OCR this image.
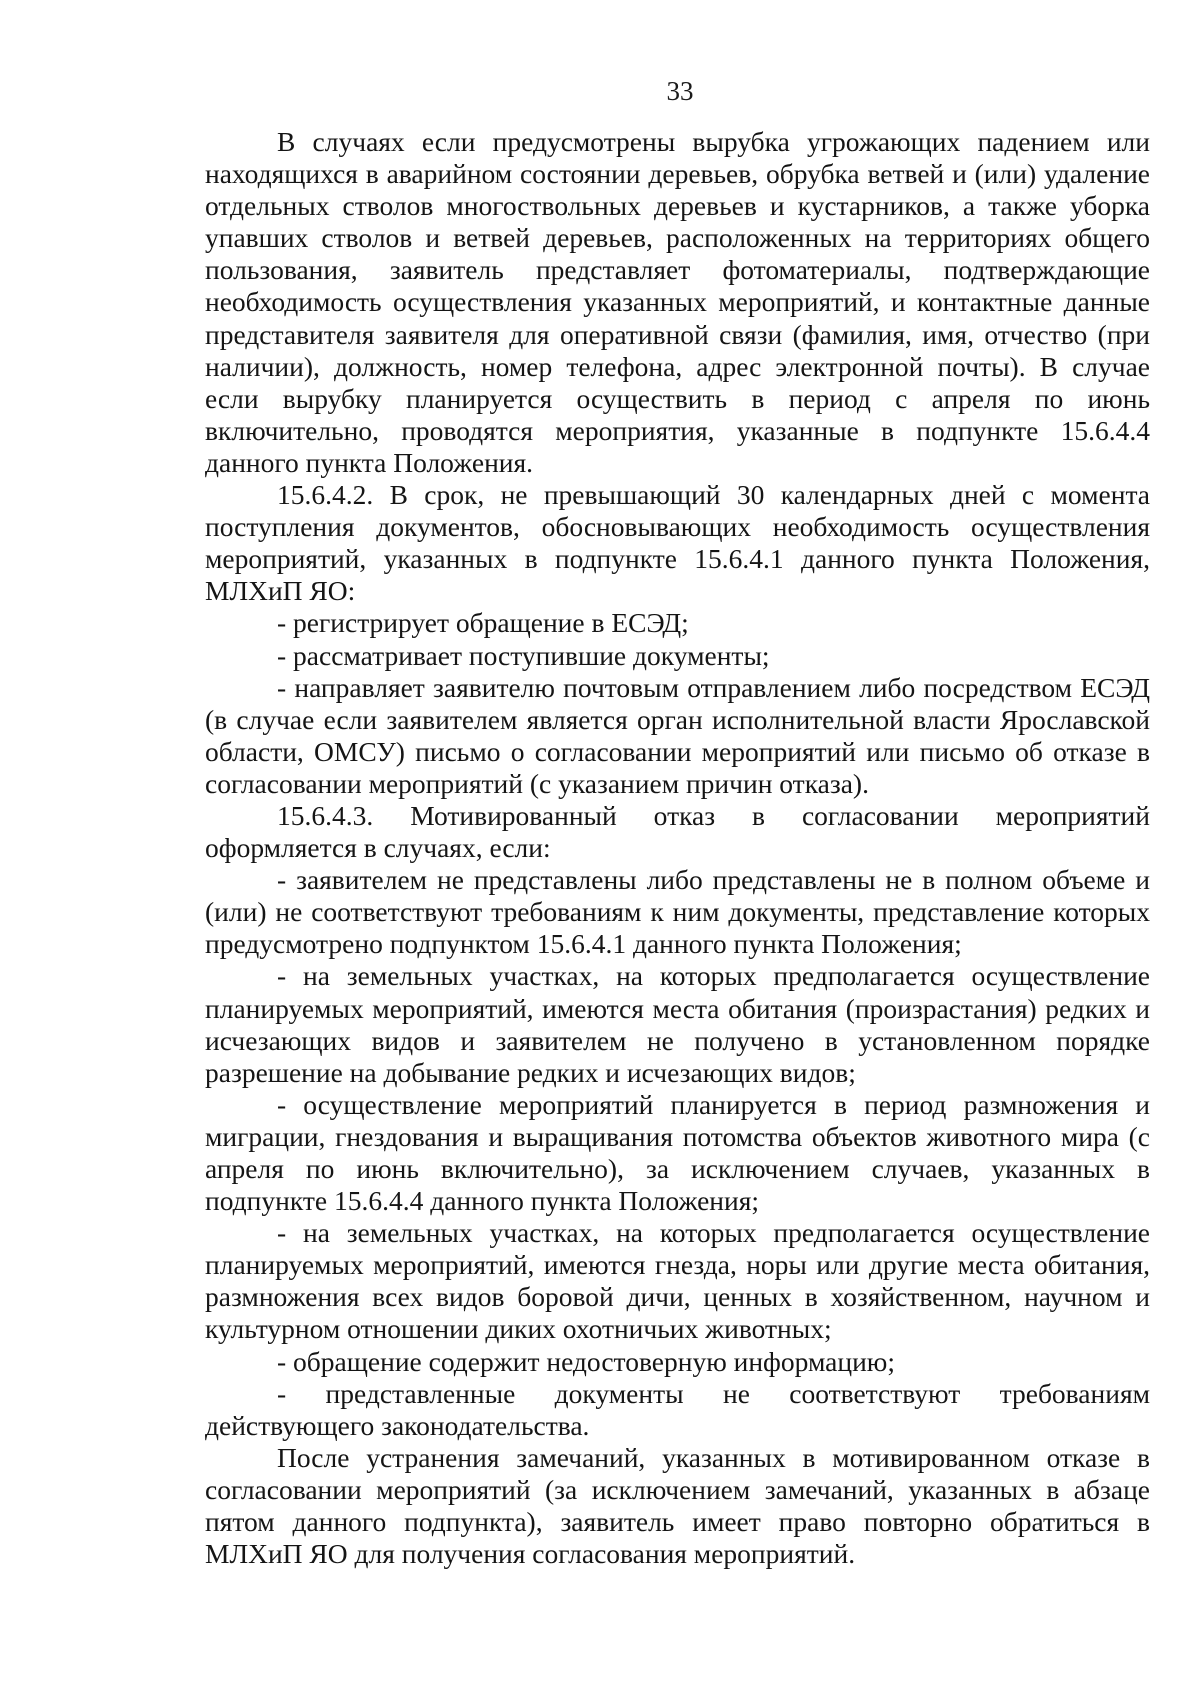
33

В случаях если предусмотрены вырубка угрожающих падением или находящихся в аварийном состоянии деревьев, обрубка ветвей и (или) удаление отдельных стволов многоствольных деревьев и кустарников, а также уборка упавших стволов и ветвей деревьев, расположенных на территориях общего пользования, заявитель представляет фотоматериалы, подтверждающие необходимость осуществления указанных мероприятий, и контактные данные представителя заявителя для оперативной связи (фамилия, имя, отчество (при наличии), должность, номер телефона, адрес электронной почты). В случае если вырубку планируется осуществить в период с апреля по июнь включительно, проводятся мероприятия, указанные в подпункте 15.6.4.4 данного пункта Положения.

15.6.4.2. В срок, не превышающий 30 календарных дней с момента поступления документов, обосновывающих необходимость осуществления мероприятий, указанных в подпункте 15.6.4.1 данного пункта Положения, МЛХиП ЯО:

- регистрирует обращение в ЕСЭД;

- рассматривает поступившие документы;

- направляет заявителю почтовым отправлением либо посредством ЕСЭД (в случае если заявителем является орган исполнительной власти Ярославской области, ОМСУ) письмо о согласовании мероприятий или письмо об отказе в согласовании мероприятий (с указанием причин отказа).

15.6.4.3. Мотивированный отказ в согласовании мероприятий оформляется в случаях, если:

- заявителем не представлены либо представлены не в полном объеме и (или) не соответствуют требованиям к ним документы, представление которых предусмотрено подпунктом 15.6.4.1 данного пункта Положения;

- на земельных участках, на которых предполагается осуществление планируемых мероприятий, имеются места обитания (произрастания) редких и исчезающих видов и заявителем не получено в установленном порядке разрешение на добывание редких и исчезающих видов;

- осуществление мероприятий планируется в период размножения и миграции, гнездования и выращивания потомства объектов животного мира (с апреля по июнь включительно), за исключением случаев, указанных в подпункте 15.6.4.4 данного пункта Положения;

- на земельных участках, на которых предполагается осуществление планируемых мероприятий, имеются гнезда, норы или другие места обитания, размножения всех видов боровой дичи, ценных в хозяйственном, научном и культурном отношении диких охотничьих животных;

- обращение содержит недостоверную информацию;

- представленные документы не соответствуют требованиям действующего законодательства.

После устранения замечаний, указанных в мотивированном отказе в согласовании мероприятий (за исключением замечаний, указанных в абзаце пятом данного подпункта), заявитель имеет право повторно обратиться в МЛХиП ЯО для получения согласования мероприятий.
